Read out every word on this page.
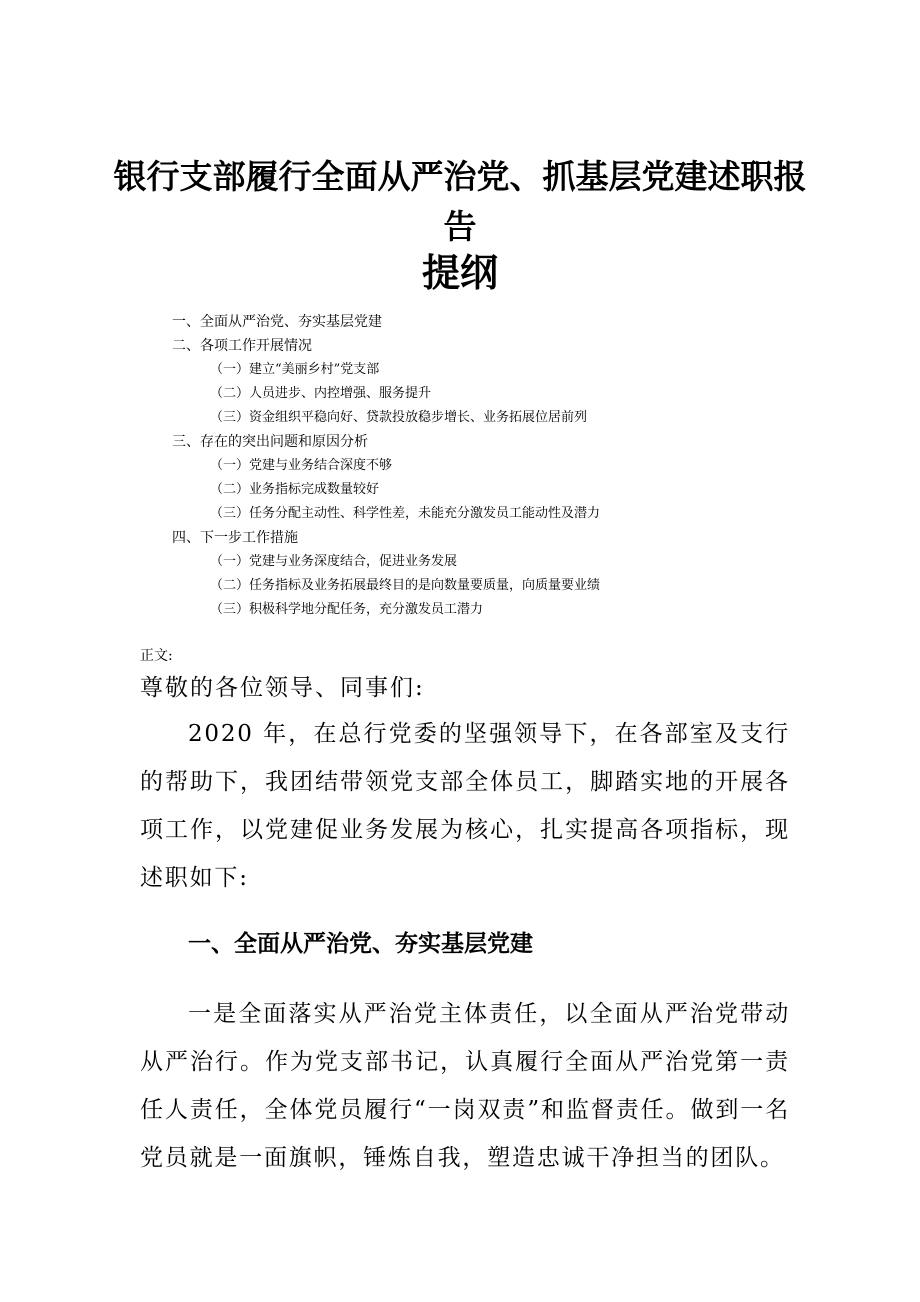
银行支部履行全面从严治党、抓基层党建述职报
告
提纲
一、全面从严治党、夯实基层党建
二、各项工作开展情况
（一）建立“美丽乡村”党支部
（二）人员进步、内控增强、服务提升
（三）资金组织平稳向好、贷款投放稳步增长、业务拓展位居前列
三、存在的突出问题和原因分析
（一）党建与业务结合深度不够
（二）业务指标完成数量较好
（三）任务分配主动性、科学性差，未能充分激发员工能动性及潜力
四、下一步工作措施
（一）党建与业务深度结合，促进业务发展
（二）任务指标及业务拓展最终目的是向数量要质量，向质量要业绩
（三）积极科学地分配任务，充分激发员工潜力
正文:
尊敬的各位领导、同事们:
2020 年，在总行党委的坚强领导下，在各部室及支行的帮助下，我团结带领党支部全体员工，脚踏实地的开展各项工作，以党建促业务发展为核心，扎实提高各项指标，现述职如下:
一、全面从严治党、夯实基层党建
一是全面落实从严治党主体责任，以全面从严治党带动从严治行。作为党支部书记，认真履行全面从严治党第一责任人责任，全体党员履行“一岗双责”和监督责任。做到一名党员就是一面旗帜，锤炼自我，塑造忠诚干净担当的团队。
